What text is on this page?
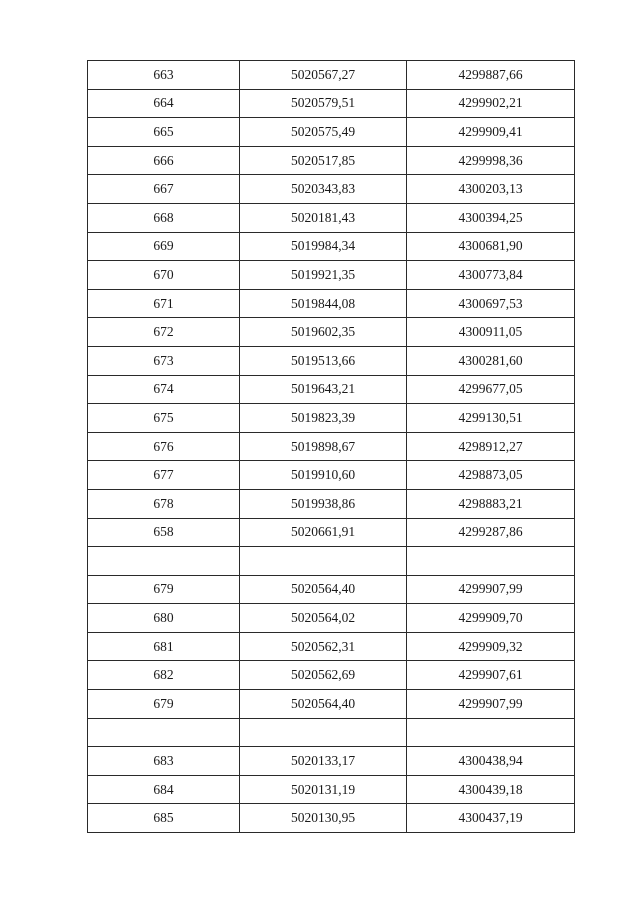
663	5020567,27	4299887,66
664	5020579,51	4299902,21
665	5020575,49	4299909,41
666	5020517,85	4299998,36
667	5020343,83	4300203,13
668	5020181,43	4300394,25
669	5019984,34	4300681,90
670	5019921,35	4300773,84
671	5019844,08	4300697,53
672	5019602,35	4300911,05
673	5019513,66	4300281,60
674	5019643,21	4299677,05
675	5019823,39	4299130,51
676	5019898,67	4298912,27
677	5019910,60	4298873,05
678	5019938,86	4298883,21
658	5020661,91	4299287,86

679	5020564,40	4299907,99
680	5020564,02	4299909,70
681	5020562,31	4299909,32
682	5020562,69	4299907,61
679	5020564,40	4299907,99

683	5020133,17	4300438,94
684	5020131,19	4300439,18
685	5020130,95	4300437,19
